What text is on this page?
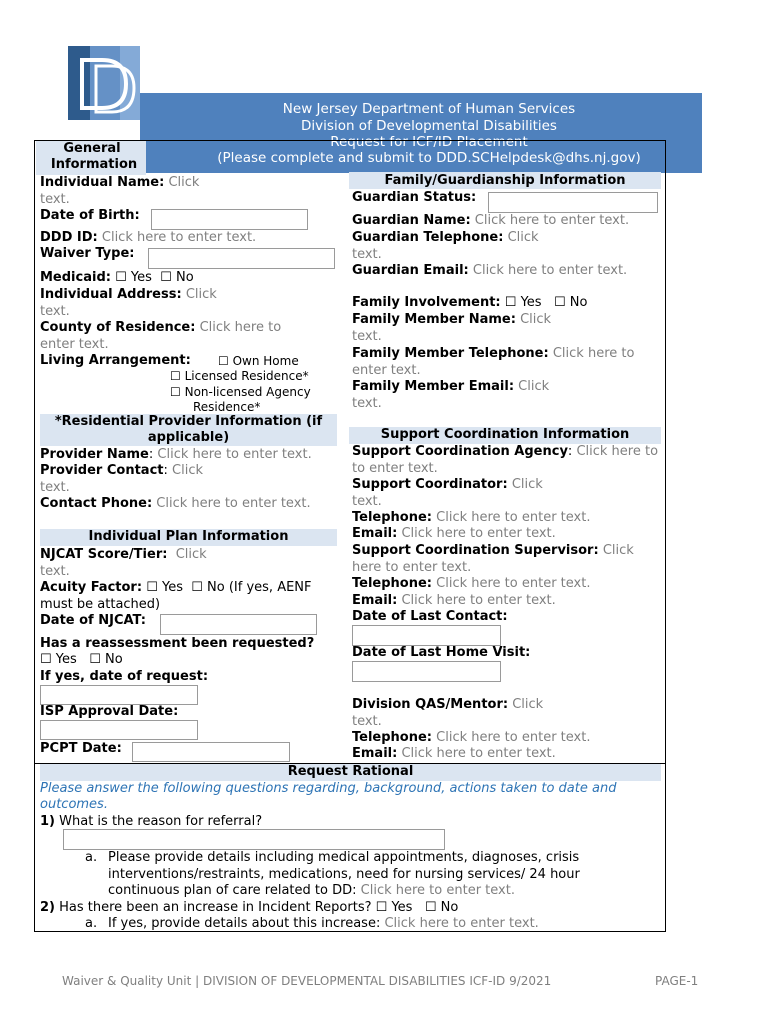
New Jersey Department of Human Services
Division of Developmental Disabilities
Request for ICF/ID Placement
(Please complete and submit to DDD.SCHelpdesk@dhs.nj.gov)
General
Information
Individual Name: Click
text.
Date of Birth:
DDD ID: Click here to enter text.
Waiver Type:
Medicaid: ☐ Yes ☐ No
Individual Address: Click
text.
County of Residence: Click here to
enter text.
Living Arrangement: ☐ Own Home
☐ Licensed Residence*
☐ Non-licensed Agency
Residence*
*Residential Provider Information (if
applicable)
Provider Name: Click here to enter text.
Provider Contact: Click
text.
Contact Phone: Click here to enter text.
Individual Plan Information
NJCAT Score/Tier: Click
text.
Acuity Factor: ☐ Yes ☐ No (If yes, AENF
must be attached)
Date of NJCAT:
Has a reassessment been requested?
☐ Yes ☐ No
If yes, date of request:
ISP Approval Date:
PCPT Date:
Family/Guardianship Information
Guardian Status:
Guardian Name: Click here to enter text.
Guardian Telephone: Click
text.
Guardian Email: Click here to enter text.
Family Involvement: ☐ Yes ☐ No
Family Member Name: Click
text.
Family Member Telephone: Click here to
enter text.
Family Member Email: Click
text.
Support Coordination Information
Support Coordination Agency: Click here to
to enter text.
Support Coordinator: Click
text.
Telephone: Click here to enter text.
Email: Click here to enter text.
Support Coordination Supervisor: Click
here to enter text.
Telephone: Click here to enter text.
Email: Click here to enter text.
Date of Last Contact:
Date of Last Home Visit:
Division QAS/Mentor: Click
text.
Telephone: Click here to enter text.
Email: Click here to enter text.
Request Rational
Please answer the following questions regarding, background, actions taken to date and
outcomes.
1) What is the reason for referral?
a. Please provide details including medical appointments, diagnoses, crisis
interventions/restraints, medications, need for nursing services/ 24 hour
continuous plan of care related to DD: Click here to enter text.
2) Has there been an increase in Incident Reports? ☐ Yes ☐ No
a. If yes, provide details about this increase: Click here to enter text.
Waiver & Quality Unit | DIVISION OF DEVELOPMENTAL DISABILITIES ICF-ID 9/2021	PAGE-1
